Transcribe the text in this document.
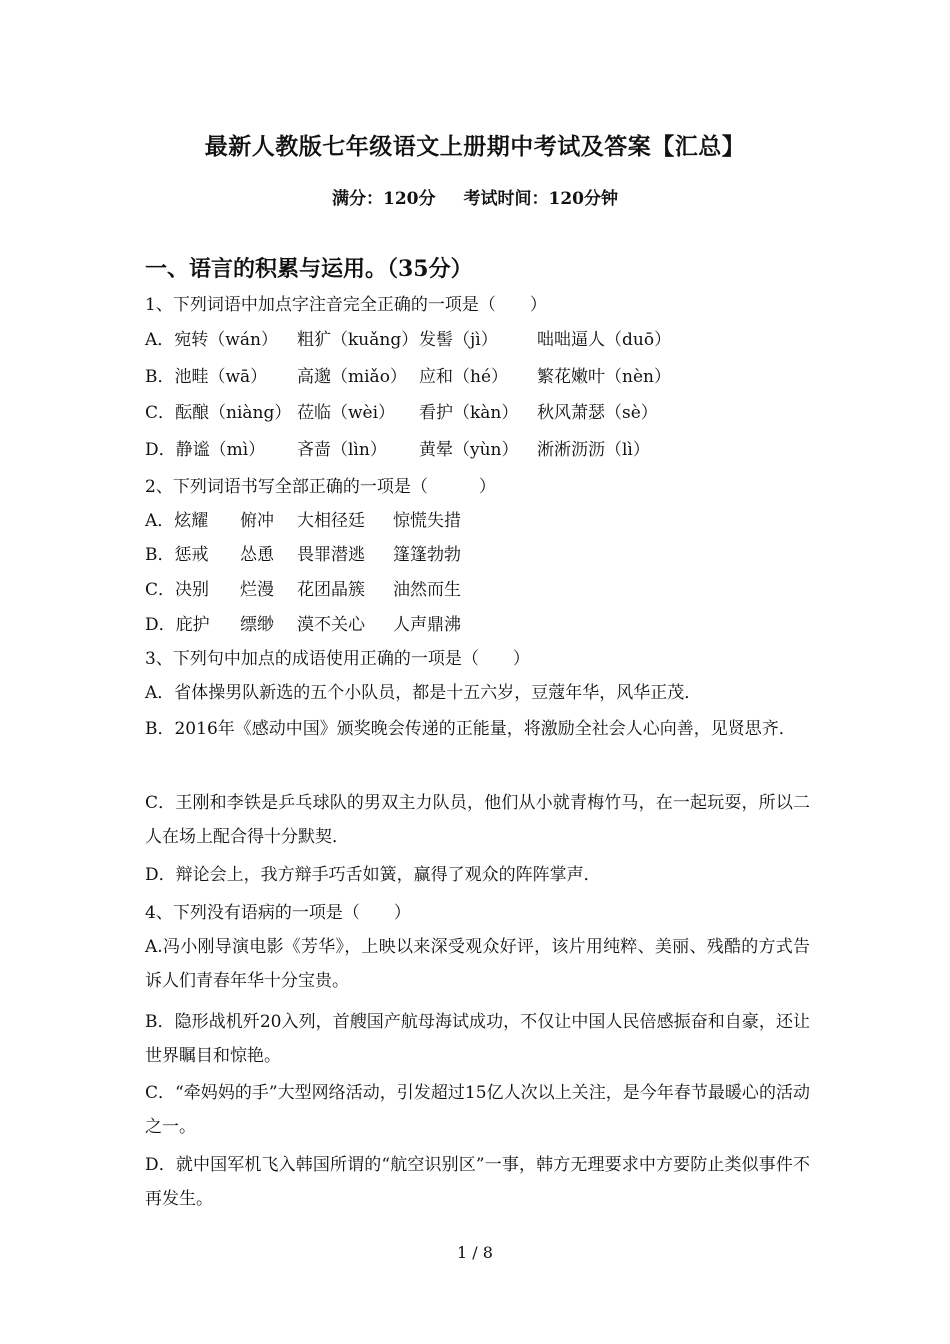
最新人教版七年级语文上册期中考试及答案【汇总】
满分：120分 考试时间：120分钟
一、语言的积累与运用。（35分）
1、下列词语中加点字注音完全正确的一项是（　　）
A．宛转（wán） 粗犷（kuǎng）发髻（jì） 咄咄逼人（duō）
B．池畦（wā） 高邈（miǎo） 应和（hé） 繁花嫩叶（nèn）
C．酝酿（niàng） 莅临（wèi） 看护（kàn） 秋风萧瑟（sè）
D．静谧（mì） 吝啬（lìn） 黄晕（yùn） 淅淅沥沥（lì）
2、下列词语书写全部正确的一项是（　　　）
A．炫耀 俯冲 大相径廷 惊慌失措
B．惩戒 怂恿 畏罪潜逃 篷篷勃勃
C．决别 烂漫 花团晶簇 油然而生
D．庇护 缥缈 漠不关心 人声鼎沸
3、下列句中加点的成语使用正确的一项是（　　）
A．省体操男队新选的五个小队员，都是十五六岁，豆蔻年华，风华正茂．
B．2016年《感动中国》颁奖晚会传递的正能量，将激励全社会人心向善，见贤思齐．
C．王刚和李铁是乒乓球队的男双主力队员，他们从小就青梅竹马，在一起玩耍，所以二人在场上配合得十分默契．
D．辩论会上，我方辩手巧舌如簧，赢得了观众的阵阵掌声．
4、下列没有语病的一项是（　　）
A.冯小刚导演电影《芳华》，上映以来深受观众好评，该片用纯粹、美丽、残酷的方式告诉人们青春年华十分宝贵。
B．隐形战机歼20入列，首艘国产航母海试成功，不仅让中国人民倍感振奋和自豪，还让世界瞩目和惊艳。
C．“牵妈妈的手”大型网络活动，引发超过15亿人次以上关注，是今年春节最暖心的活动之一。
D．就中国军机飞入韩国所谓的“航空识别区”一事，韩方无理要求中方要防止类似事件不再发生。
1 / 8
